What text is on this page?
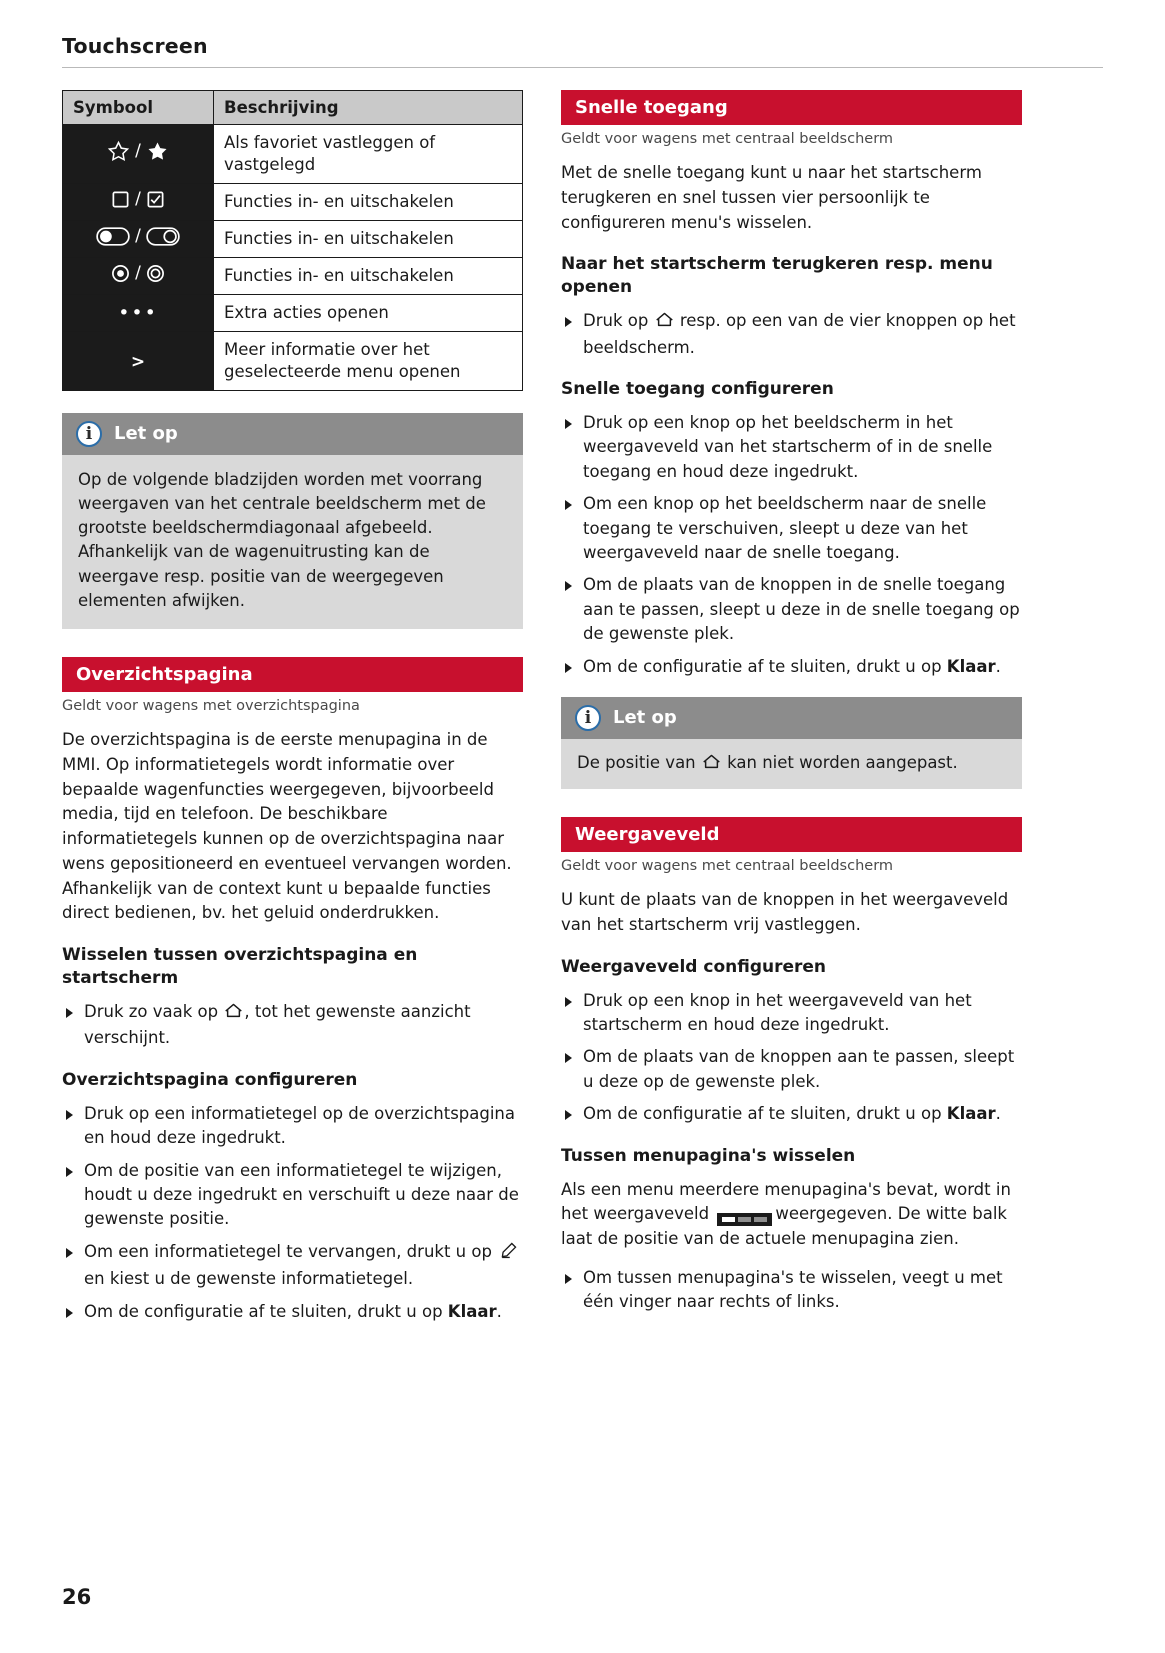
Touchscreen
Symbool	Beschrijving

/	Als favoriet vastleggen of vastgelegd

/	Functies in- en uitschakelen

/	Functies in- en uitschakelen

/	Functies in- en uitschakelen
•••	Extra acties openen
>	Meer informatie over het geselecteerde menu openen
i	Let op
Op de volgende bladzijden worden met voorrang weergaven van het centrale beeldscherm met de grootste beeldschermdiagonaal afgebeeld. Afhankelijk van de wagenuitrusting kan de weergave resp. positie van de weergegeven elementen afwijken.
Overzichtspagina
Geldt voor wagens met overzichtspagina

De overzichtspagina is de eerste menupagina in de MMI. Op informatietegels wordt informatie over bepaalde wagenfuncties weergegeven, bijvoorbeeld media, tijd en telefoon. De beschikbare informatietegels kunnen op de overzichtspagina naar wens gepositioneerd en eventueel vervangen worden. Afhankelijk van de context kunt u bepaalde functies direct bedienen, bv. het geluid onderdrukken.

Wisselen tussen overzichtspagina en startscherm
Druk zo vaak op , tot het gewenste aanzicht verschijnt.
Overzichtspagina configureren
Druk op een informatietegel op de overzichtspagina en houd deze ingedrukt.
Om de positie van een informatietegel te wijzigen, houdt u deze ingedrukt en verschuift u deze naar de gewenste positie.
Om een informatietegel te vervangen, drukt u op en kiest u de gewenste informatietegel.
Om de configuratie af te sluiten, drukt u op Klaar.
Snelle toegang
Geldt voor wagens met centraal beeldscherm

Met de snelle toegang kunt u naar het startscherm terugkeren en snel tussen vier persoonlijk te configureren menu's wisselen.

Naar het startscherm terugkeren resp. menu openen
Druk op  resp. op een van de vier knoppen op het beeldscherm.
Snelle toegang configureren
Druk op een knop op het beeldscherm in het weergaveveld van het startscherm of in de snelle toegang en houd deze ingedrukt.
Om een knop op het beeldscherm naar de snelle toegang te verschuiven, sleept u deze van het weergaveveld naar de snelle toegang.
Om de plaats van de knoppen in de snelle toegang aan te passen, sleept u deze in de snelle toegang op de gewenste plek.
Om de configuratie af te sluiten, drukt u op Klaar.
i	Let op
De positie van  kan niet worden aangepast.
Weergaveveld
Geldt voor wagens met centraal beeldscherm

U kunt de plaats van de knoppen in het weergaveveld van het startscherm vrij vastleggen.

Weergaveveld configureren
Druk op een knop in het weergaveveld van het startscherm en houd deze ingedrukt.
Om de plaats van de knoppen aan te passen, sleept u deze op de gewenste plek.
Om de configuratie af te sluiten, drukt u op Klaar.
Tussen menupagina's wisselen

Als een menu meerdere menupagina's bevat, wordt in het weergaveveld	weergegeven. De witte balk laat de positie van de actuele menupagina zien.

Om tussen menupagina's te wisselen, veegt u met één vinger naar rechts of links.
26
